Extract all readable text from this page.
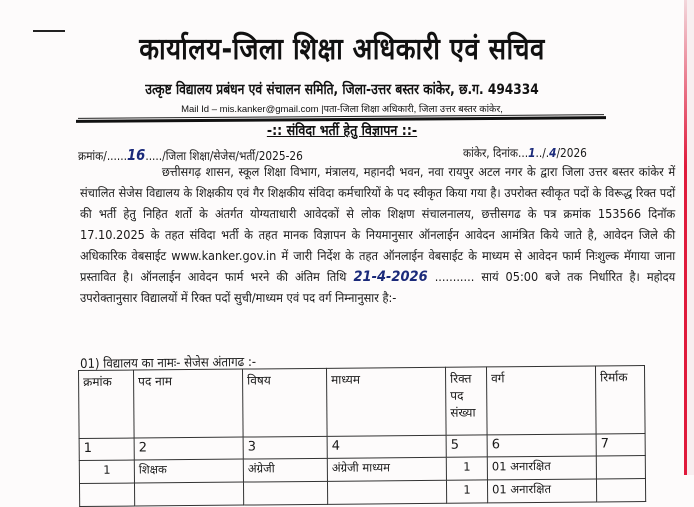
कार्यालय-जिला शिक्षा अधिकारी एवं सचिव
उत्कृष्ट विद्यालय प्रबंधन एवं संचालन समिति, जिला-उत्तर बस्तर कांकेर, छ.ग. 494334
Mail Id – mis.kanker@gmail.com |पता-जिला शिक्षा अधिकारी, जिला उत्तर बस्तर कांकेर,
-:: संविदा भर्ती हेतु विज्ञापन ::-
क्रमांक/......16...../जिला शिक्षा/सेजेस/भर्ती/2025-26	कांकेर, दिनांक...1../.4/2026

छत्तीसगढ़ शासन, स्कूल शिक्षा विभाग, मंत्रालय, महानदी भवन, नवा रायपुर अटल नगर के द्वारा जिला उत्तर बस्तर कांकेर में संचालित सेजेस विद्यालय के शिक्षकीय एवं गैर शिक्षकीय संविदा कर्मचारियों के पद स्वीकृत किया गया है। उपरोक्त स्वीकृत पदों के विरूद्ध रिक्त पदों की भर्ती हेतु निहित शर्तो के अंतर्गत योग्यताधारी आवेदकों से लोक शिक्षण संचालनालय, छत्तीसगढ के पत्र क्रमांक 153566 दिनॉक 17.10.2025 के तहत संविदा भर्ती के तहत मानक विज्ञापन के नियमानुसार ऑनलाईन आवेदन आमंत्रित किये जाते है, आवेदन जिले की अधिकारिक वेबसाईट www.kanker.gov.in में जारी निर्देश के तहत ऑनलाईन वेबसाईट के माध्यम से आवेदन फार्म निःशुल्क मॅगाया जाना प्रस्तावित है। ऑनलाईन आवेदन फार्म भरने की अंतिम तिथि 21-4-2026 ........... सायं 05:00 बजे तक निर्धारित है। महोदय उपरोक्तानुसार विद्यालयों में रिक्त पदों सुची/माध्यम एवं पद वर्ग निम्नानुसार है:-

01) विद्यालय का नामः- सेजेस अंतागढ :-
क्रमांक	पद नाम	विषय	माध्यम	रिक्त पद संख्या	वर्ग	रिर्माक
1	2	3	4	5	6	7
1	शिक्षक	अंग्रेजी	अंग्रेजी माध्यम	1	01 अनारक्षित	
				1	01 अनारक्षित	
